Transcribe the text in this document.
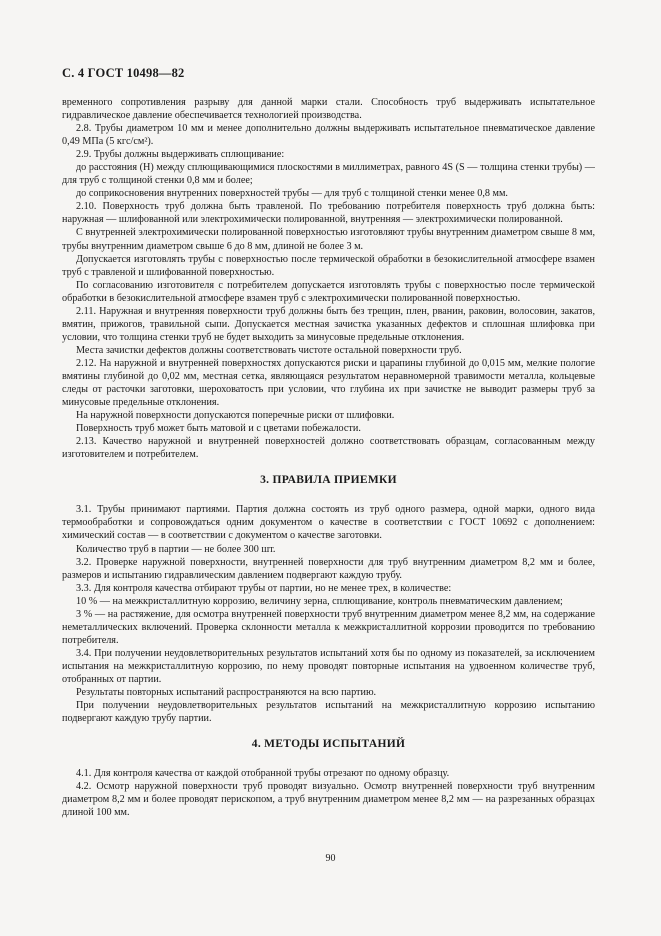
С. 4 ГОСТ 10498—82

временного сопротивления разрыву для данной марки стали. Способность труб выдерживать испытательное гидравлическое давление обеспечивается технологией производства.

2.8. Трубы диаметром 10 мм и менее дополнительно должны выдерживать испытательное пневматическое давление 0,49 МПа (5 кгс/см²).

2.9. Трубы должны выдерживать сплющивание:

до расстояния (H) между сплющивающимися плоскостями в миллиметрах, равного 4S (S — толщина стенки трубы) — для труб с толщиной стенки 0,8 мм и более;

до соприкосновения внутренних поверхностей трубы — для труб с толщиной стенки менее 0,8 мм.

2.10. Поверхность труб должна быть травленой. По требованию потребителя поверхность труб должна быть: наружная — шлифованной или электрохимически полированной, внутренняя — электрохимически полированной.

С внутренней электрохимически полированной поверхностью изготовляют трубы внутренним диаметром свыше 8 мм, трубы внутренним диаметром свыше 6 до 8 мм, длиной не более 3 м.

Допускается изготовлять трубы с поверхностью после термической обработки в безокислительной атмосфере взамен труб с травленой и шлифованной поверхностью.

По согласованию изготовителя с потребителем допускается изготовлять трубы с поверхностью после термической обработки в безокислительной атмосфере взамен труб с электрохимически полированной поверхностью.

2.11. Наружная и внутренняя поверхности труб должны быть без трещин, плен, рванин, раковин, волосовин, закатов, вмятин, прижогов, травильной сыпи. Допускается местная зачистка указанных дефектов и сплошная шлифовка при условии, что толщина стенки труб не будет выходить за минусовые предельные отклонения.

Места зачистки дефектов должны соответствовать чистоте остальной поверхности труб.

2.12. На наружной и внутренней поверхностях допускаются риски и царапины глубиной до 0,015 мм, мелкие пологие вмятины глубиной до 0,02 мм, местная сетка, являющаяся результатом неравномерной травимости металла, кольцевые следы от расточки заготовки, шероховатость при условии, что глубина их при зачистке не выводит размеры труб за минусовые предельные отклонения.

На наружной поверхности допускаются поперечные риски от шлифовки.

Поверхность труб может быть матовой и с цветами побежалости.

2.13. Качество наружной и внутренней поверхностей должно соответствовать образцам, согласованным между изготовителем и потребителем.

3. ПРАВИЛА ПРИЕМКИ

3.1. Трубы принимают партиями. Партия должна состоять из труб одного размера, одной марки, одного вида термообработки и сопровождаться одним документом о качестве в соответствии с ГОСТ 10692 с дополнением: химический состав — в соответствии с документом о качестве заготовки.

Количество труб в партии — не более 300 шт.

3.2. Проверке наружной поверхности, внутренней поверхности для труб внутренним диаметром 8,2 мм и более, размеров и испытанию гидравлическим давлением подвергают каждую трубу.

3.3. Для контроля качества отбирают трубы от партии, но не менее трех, в количестве:

10 % — на межкристаллитную коррозию, величину зерна, сплющивание, контроль пневматическим давлением;

3 % — на растяжение, для осмотра внутренней поверхности труб внутренним диаметром менее 8,2 мм, на содержание неметаллических включений. Проверка склонности металла к межкристаллитной коррозии проводится по требованию потребителя.

3.4. При получении неудовлетворительных результатов испытаний хотя бы по одному из показателей, за исключением испытания на межкристаллитную коррозию, по нему проводят повторные испытания на удвоенном количестве труб, отобранных от партии.

Результаты повторных испытаний распространяются на всю партию.

При получении неудовлетворительных результатов испытаний на межкристаллитную коррозию испытанию подвергают каждую трубу партии.

4. МЕТОДЫ ИСПЫТАНИЙ

4.1. Для контроля качества от каждой отобранной трубы отрезают по одному образцу.

4.2. Осмотр наружной поверхности труб проводят визуально. Осмотр внутренней поверхности труб внутренним диаметром 8,2 мм и более проводят перископом, а труб внутренним диаметром менее 8,2 мм — на разрезанных образцах длиной 100 мм.

90
